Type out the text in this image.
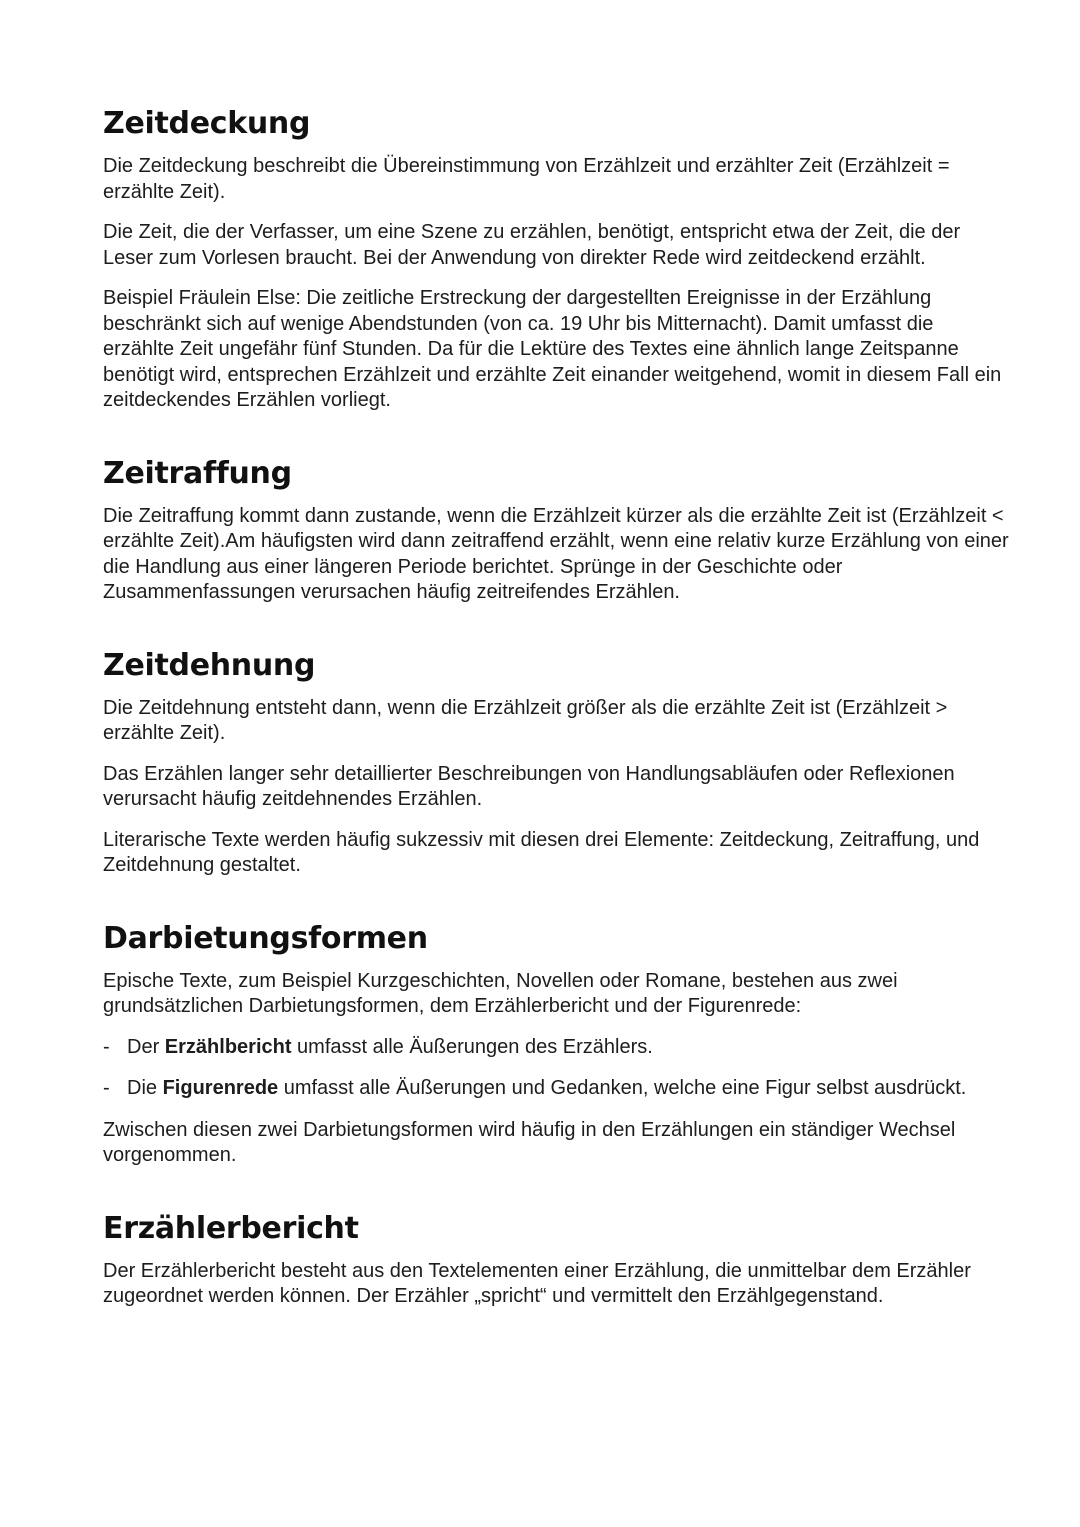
Zeitdeckung

Die Zeitdeckung beschreibt die Übereinstimmung von Erzählzeit und erzählter Zeit (Erzählzeit = erzählte Zeit).

Die Zeit, die der Verfasser, um eine Szene zu erzählen, benötigt, entspricht etwa der Zeit, die der Leser zum Vorlesen braucht. Bei der Anwendung von direkter Rede wird zeitdeckend erzählt.

Beispiel Fräulein Else: Die zeitliche Erstreckung der dargestellten Ereignisse in der Erzählung beschränkt sich auf wenige Abendstunden (von ca. 19 Uhr bis Mitternacht). Damit umfasst die erzählte Zeit ungefähr fünf Stunden. Da für die Lektüre des Textes eine ähnlich lange Zeitspanne benötigt wird, entsprechen Erzählzeit und erzählte Zeit einander weitgehend, womit in diesem Fall ein zeitdeckendes Erzählen vorliegt.

Zeitraffung

Die Zeitraffung kommt dann zustande, wenn die Erzählzeit kürzer als die erzählte Zeit ist (Erzählzeit < erzählte Zeit).Am häufigsten wird dann zeitraffend erzählt, wenn eine relativ kurze Erzählung von einer die Handlung aus einer längeren Periode berichtet. Sprünge in der Geschichte oder Zusammenfassungen verursachen häufig zeitreifendes Erzählen.

Zeitdehnung

Die Zeitdehnung entsteht dann, wenn die Erzählzeit größer als die erzählte Zeit ist (Erzählzeit > erzählte Zeit).

Das Erzählen langer sehr detaillierter Beschreibungen von Handlungsabläufen oder Reflexionen verursacht häufig zeitdehnendes Erzählen.

Literarische Texte werden häufig sukzessiv mit diesen drei Elemente: Zeitdeckung, Zeitraffung, und Zeitdehnung gestaltet.

Darbietungsformen

Epische Texte, zum Beispiel Kurzgeschichten, Novellen oder Romane, bestehen aus zwei grundsätzlichen Darbietungsformen, dem Erzählerbericht und der Figurenrede:

- Der Erzählbericht umfasst alle Äußerungen des Erzählers.
- Die Figurenrede umfasst alle Äußerungen und Gedanken, welche eine Figur selbst ausdrückt.

Zwischen diesen zwei Darbietungsformen wird häufig in den Erzählungen ein ständiger Wechsel vorgenommen.

Erzählerbericht

Der Erzählerbericht besteht aus den Textelementen einer Erzählung, die unmittelbar dem Erzähler zugeordnet werden können. Der Erzähler „spricht“ und vermittelt den Erzählgegenstand.
